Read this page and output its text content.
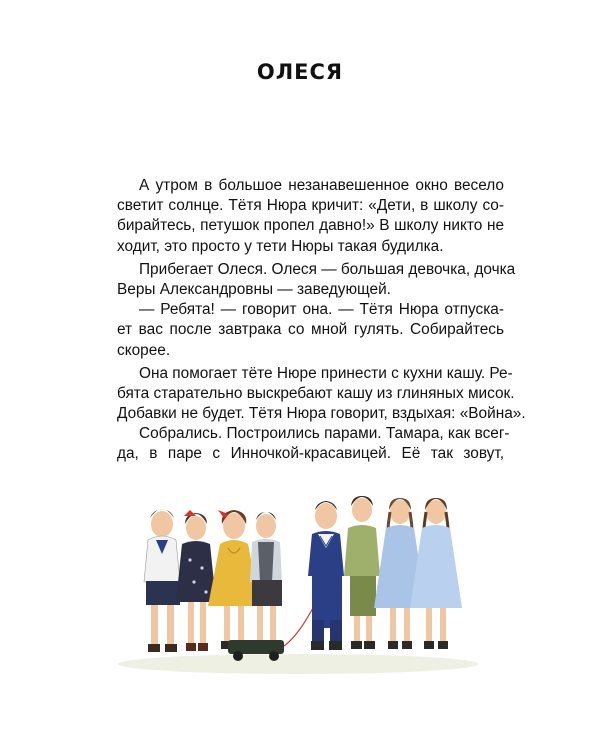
ОЛЕСЯ
А утром в большое незанавешенное окно весело
светит солнце. Тётя Нюра кричит: «Дети, в школу со-
бирайтесь, петушок пропел давно!» В школу никто не
ходит, это просто у тети Нюры такая будилка.
Прибегает Олеся. Олеся — большая девочка, дочка
Веры Александровны — заведующей.
— Ребята! — говорит она. — Тётя Нюра отпуска-
ет вас после завтрака со мной гулять. Собирайтесь
скорее.
Она помогает тёте Нюре принести с кухни кашу. Ре-
бята старательно выскребают кашу из глиняных мисок.
Добавки не будет. Тётя Нюра говорит, вздыхая: «Война».
Собрались. Построились парами. Тамара, как всег-
да, в паре с Инночкой-красавицей. Её так зовут,
